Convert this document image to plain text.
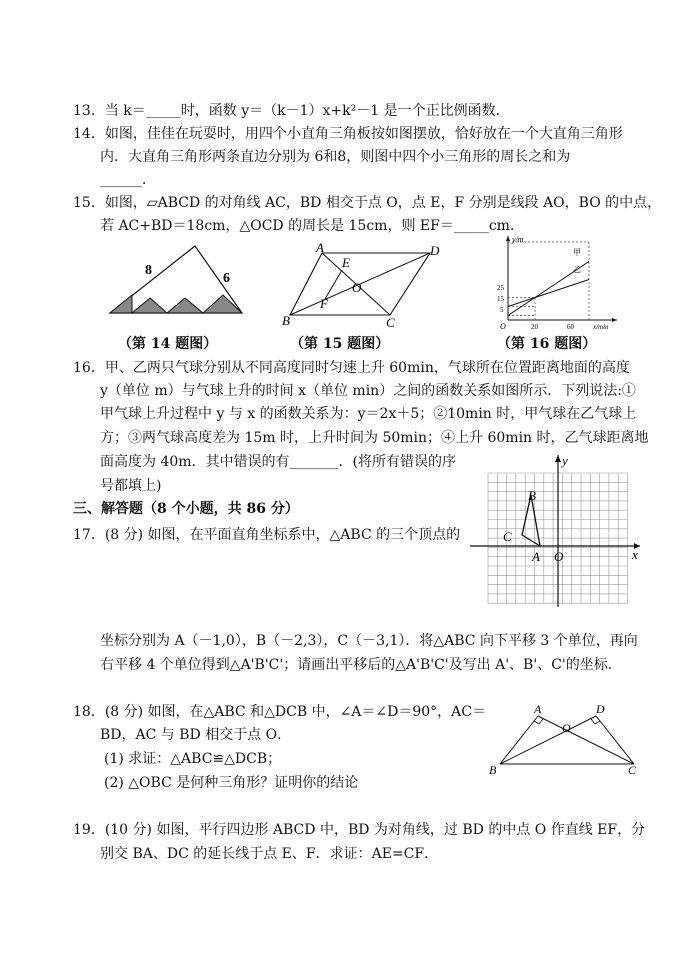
13．当 k＝_____时，函数 y＝（k－1）x+k²－1 是一个正比例函数．
14．如图，佳佳在玩耍时，用四个小直角三角板按如图摆放，恰好放在一个大直角三角形
内．大直角三角形两条直边分别为 6和8，则图中四个小三角形的周长之和为
______．
15．如图，▱ABCD 的对角线 AC，BD 相交于点 O，点 E，F 分别是线段 AO，BO 的中点，
若 AC+BD＝18cm，△OCD 的周长是 15cm，则 EF＝_____cm．
8
6
（第 14 题图）
A	D
B	C
E
F
O
（第 15 题图）
y/m
x/min
甲
乙
25
15
5
O	20	60
（第 16 题图）
16．甲、乙两只气球分别从不同高度同时匀速上升 60min，气球所在位置距离地面的高度
y（单位 m）与气球上升的时间 x（单位 min）之间的函数关系如图所示．下列说法:①
甲气球上升过程中 y 与 x 的函数关系为：y＝2x＋5；②10min 时，甲气球在乙气球上
方；③两气球高度差为 15m 时，上升时间为 50min；④上升 60min 时，乙气球距离地
面高度为 40m．其中错误的有_______．(将所有错误的序
号都填上)
三、解答题（8 个小题，共 86 分）
17．(8 分) 如图，在平面直角坐标系中，△ABC 的三个顶点的
x
y
O
A
B
C
坐标分别为 A（－1,0），B（－2,3），C（－3,1）．将△ABC 向下平移 3 个单位，再向
右平移 4 个单位得到△A'B'C'；请画出平移后的△A'B'C'及写出 A'、B'、C'的坐标．
18．(8 分) 如图，在△ABC 和△DCB 中，∠A＝∠D＝90°，AC＝
BD，AC 与 BD 相交于点 O．
(1) 求证：△ABC≌△DCB；
(2) △OBC 是何种三角形？证明你的结论
A	D
B	C
O
19．(10 分) 如图，平行四边形 ABCD 中，BD 为对角线，过 BD 的中点 O 作直线 EF，分
别交 BA、DC 的延长线于点 E、F．求证：AE=CF．
